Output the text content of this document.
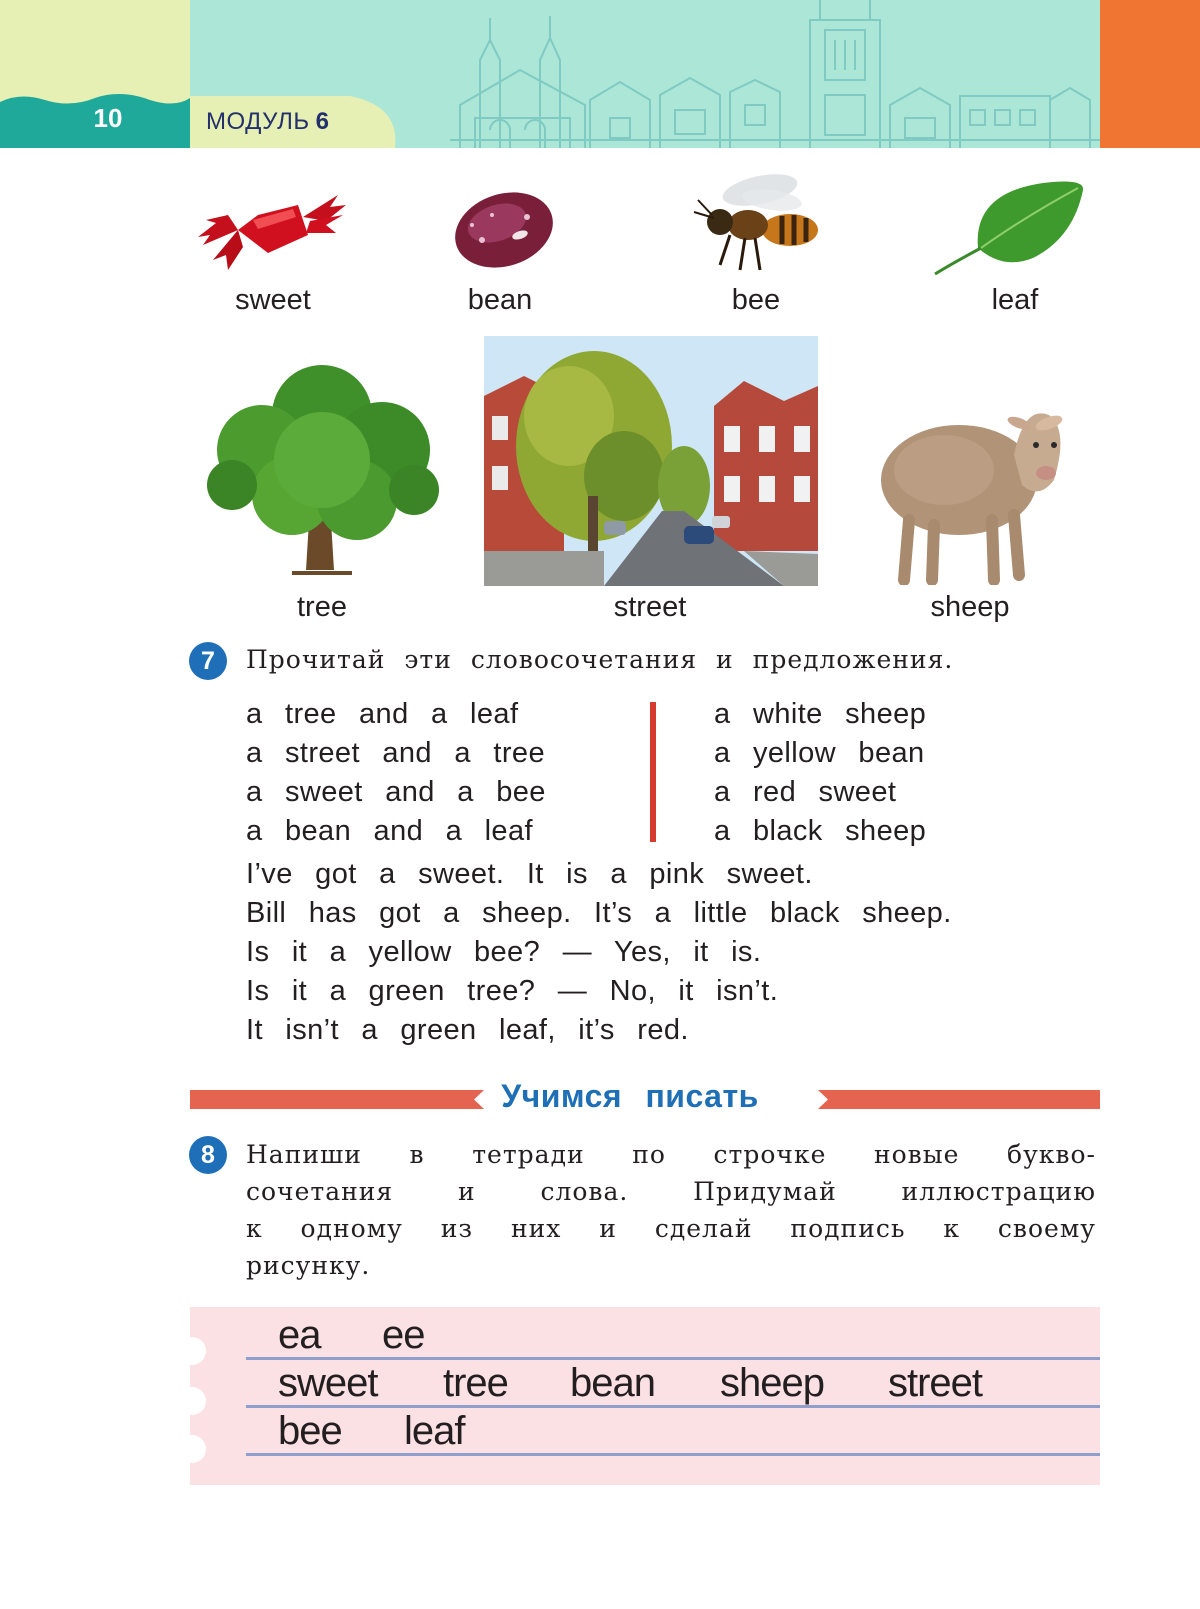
10	МОДУЛЬ 6
sweet	bean	bee	leaf
tree	street	sheep
7	Прочитай эти словосочетания и предложения.
a tree and a leaf
a street and a tree
a sweet and a bee
a bean and a leaf
a white sheep
a yellow bean
a red sweet
a black sheep
I’ve got a sweet. It is a pink sweet.
Bill has got a sheep. It’s a little black sheep.
Is it a yellow bee? — Yes, it is.
Is it a green tree? — No, it isn’t.
It isn’t a green leaf, it’s red.
Учимся писать
8	Напиши в тетради по строчке новые букво-
сочетания и слова. Придумай иллюстрацию
к одному из них и сделай подпись к своему
рисунку.
ea ee
sweet tree bean sheep street
bee leaf
